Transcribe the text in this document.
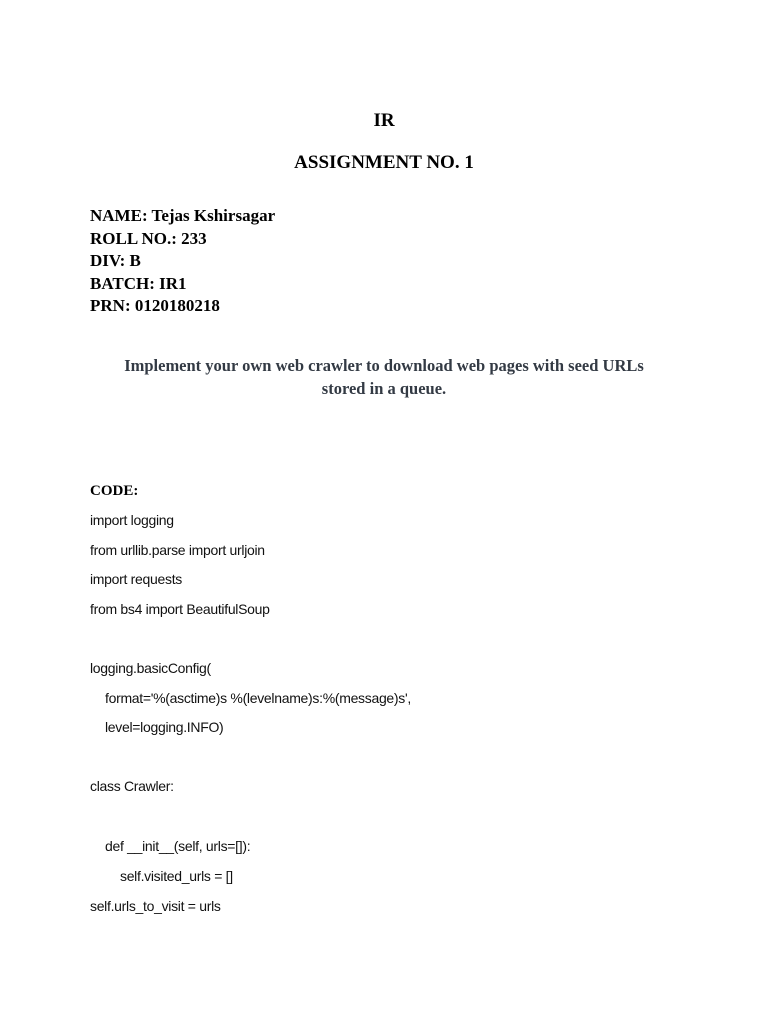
IR
ASSIGNMENT NO. 1
NAME: Tejas Kshirsagar
ROLL NO.: 233
DIV: B
BATCH: IR1
PRN: 0120180218
Implement your own web crawler to download web pages with seed URLs
stored in a queue.
CODE:
import logging
from urllib.parse import urljoin
import requests
from bs4 import BeautifulSoup
logging.basicConfig(
format='%(asctime)s %(levelname)s:%(message)s',
level=logging.INFO)
class Crawler:
def __init__(self, urls=[]):
self.visited_urls = []
self.urls_to_visit = urls
